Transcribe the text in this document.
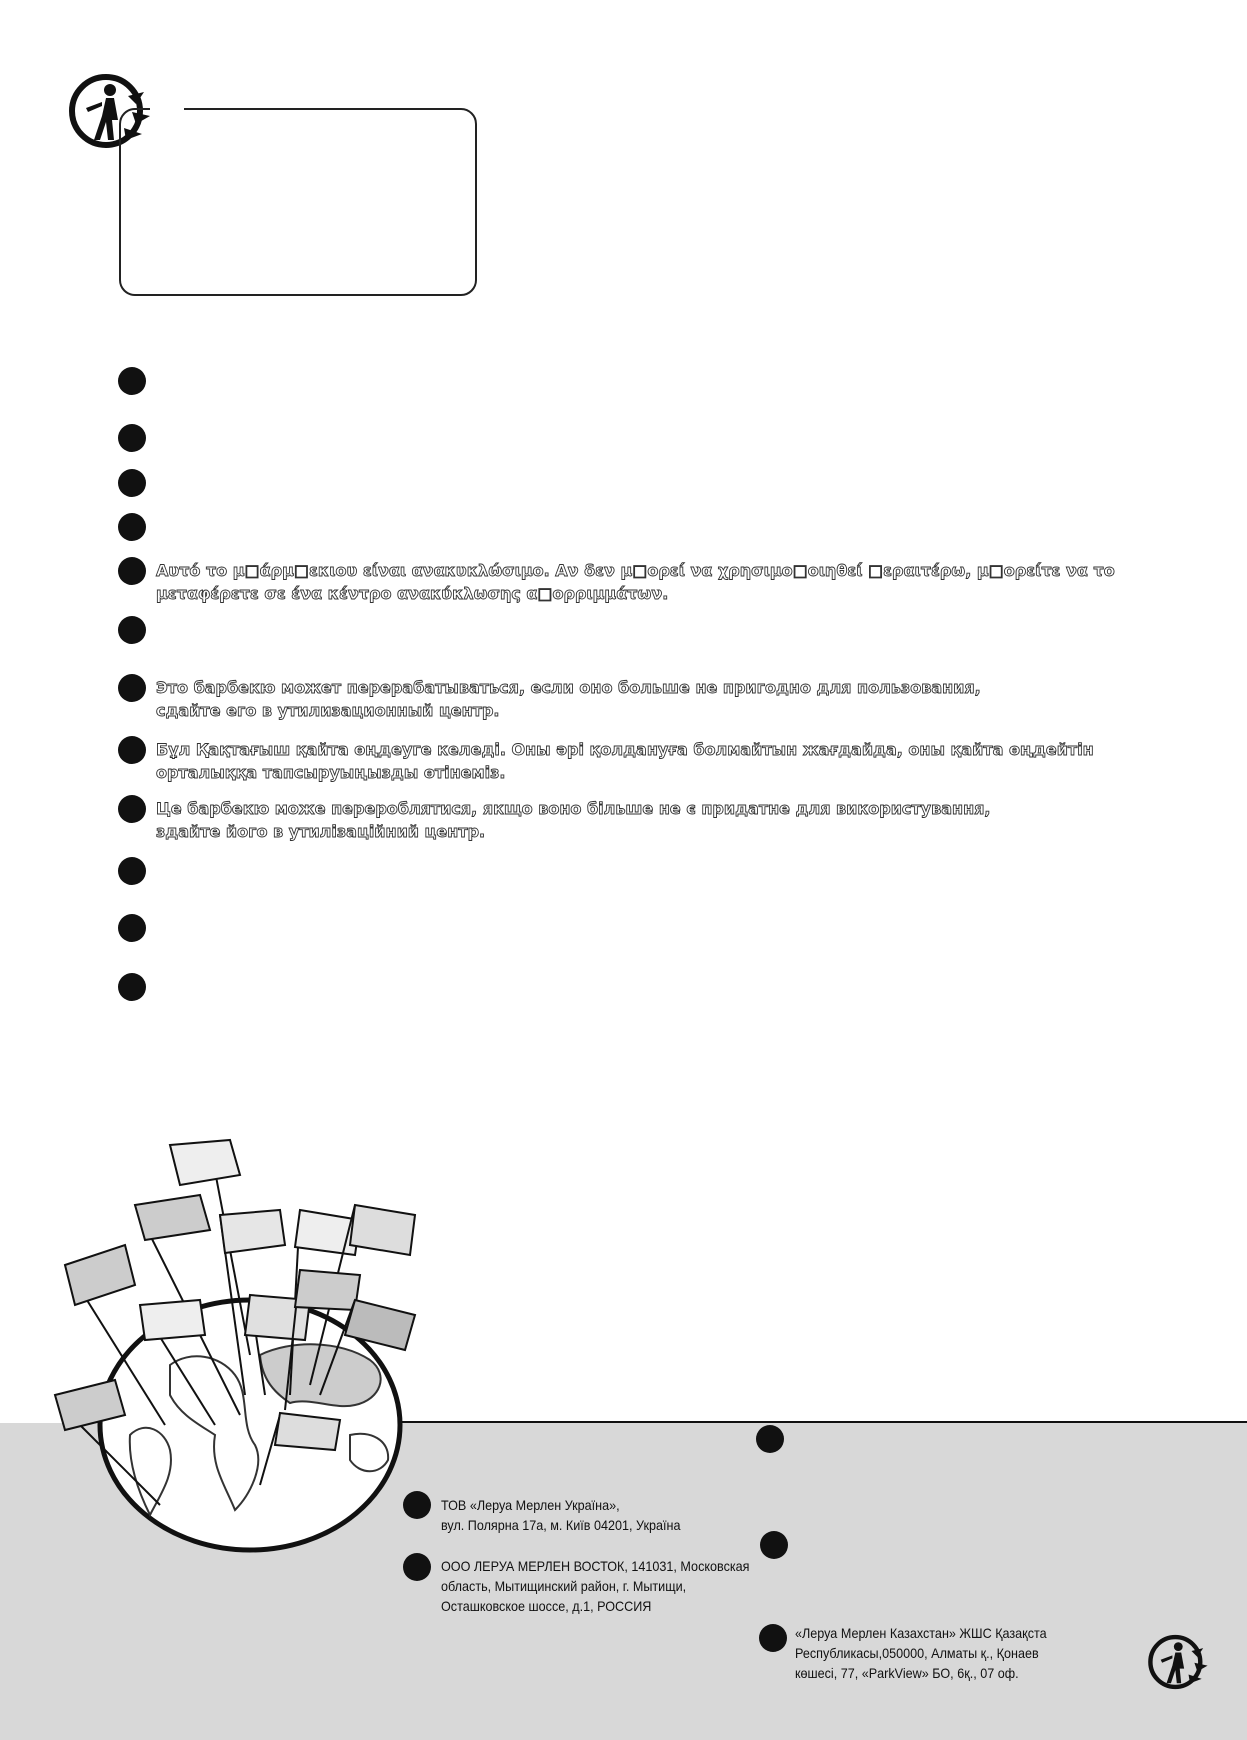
Αυτό το μ□άρμ□εκιου είναι ανακυκλώσιμο. Αν δεν μ□ορεί να χρησιμο□οιηθεί □εραιτέρω, μ□ορείτε να το μεταφέρετε σε ένα κέντρο ανακύκλωσης α□ορριμμάτων.
Это барбекю может перерабатываться, если оно больше не пригодно для пользования, сдайте его в утилизационный центр.
Бұл Қақтағыш қайта өңдеуге келеді. Оны әрі қолдануға болмайтын жағдайда, оны қайта өңдейтін орталыққа тапсыруыңызды өтінеміз.
Це барбекю може перероблятися, якщо воно більше не є придатне для використування, здайте його в утилізаційний центр.
ТОВ «Леруа Мерлен Україна»,
вул. Полярна 17а, м. Київ 04201, Україна
ООО ЛЕРУА МЕРЛЕН ВОСТОК, 141031, Московская
область, Мытищинский район, г. Мытищи,
Осташковское шоссе, д.1, РОССИЯ
«Леруа Мерлен Казахстан» ЖШС Қазақста
Республикасы,050000, Алматы қ., Қонаев
көшесі, 77, «ParkView» БО, 6қ., 07 оф.
